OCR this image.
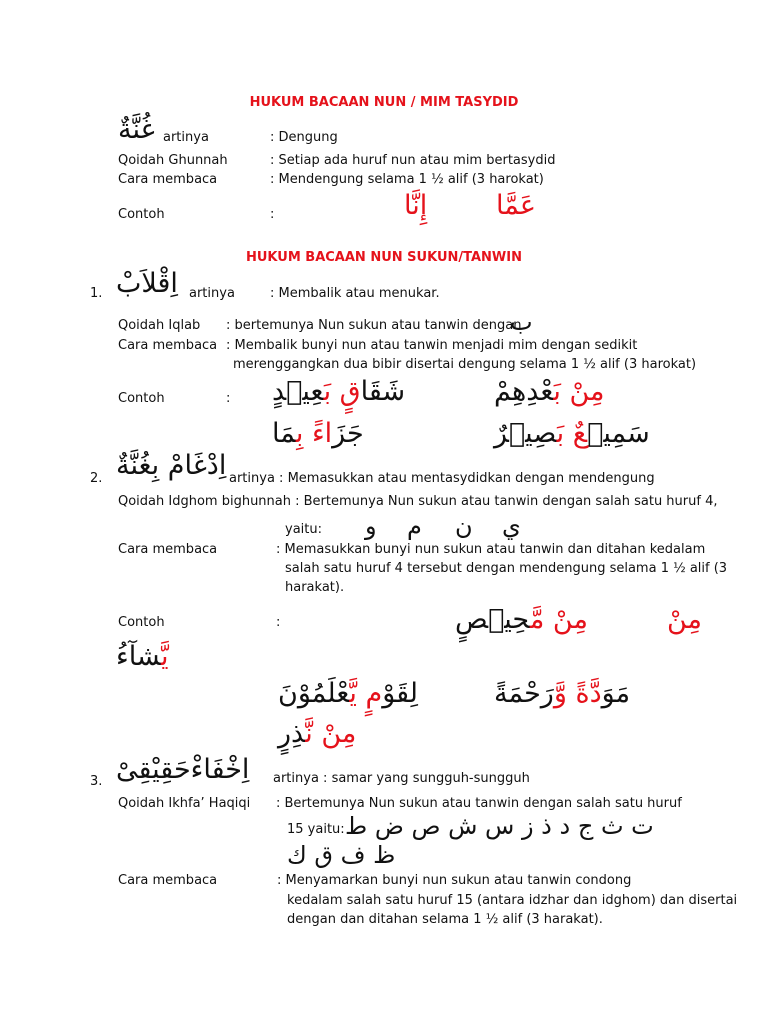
HUKUM BACAAN NUN / MIM TASYDID
غُنَّةٌ artinya	: Dengung
Qoidah Ghunnah	: Setiap ada huruf nun atau mim bertasydid
Cara membaca	: Mendengung selama 1 ½ alif (3 harokat)
Contoh	:	إِنَّا	عَمَّا
HUKUM BACAAN NUN SUKUN/TANWIN
1. اِقْلاَبْ artinya	: Membalik atau menukar.
Qoidah Iqlab : bertemunya Nun sukun atau tanwin dengan
ب
Cara membaca : Membalik bunyi nun atau tanwin menjadi mim dengan sedikit
merenggangkan dua bibir disertai dengung selama 1 ½ alif (3 harokat)
Contoh	:	شَقَاقٍ بَعِيۡدٍ	مِنْ بَعْدِهِمْ
جَزَاءً بِمَا	سَمِيۡعٌ بَصِيۡرٌ
2. اِدْغَامْ بِغُنَّةٌ artinya : Memasukkan atau mentasydidkan dengan mendengung
Qoidah Idghom bighunnah : Bertemunya Nun sukun atau tanwin dengan salah satu huruf 4,
yaitu: و م ن ي
Cara membaca	: Memasukkan bunyi nun sukun atau tanwin dan ditahan kedalam
salah satu huruf 4 tersebut dengan mendengung selama 1 ½ alif (3
harakat).
Contoh	:	مِنْ مَّحِيۡصٍ	مِنْ
يَّشآءُ
لِقَوْمٍ يَّعْلَمُوْنَ	مَوَدَّةً وَّرَحْمَةً
مِنْ نَّذِرٍ
3. اِخْفَاءْحَقِيْقِىْ artinya : samar yang sungguh-sungguh
Qoidah Ikhfa’ Haqiqi : Bertemunya Nun sukun atau tanwin dengan salah satu huruf
15 yaitu: ت ث ج د ذ ز س ش ص ض ط
ظ ف ق ك
Cara membaca	: Menyamarkan bunyi nun sukun atau tanwin condong
kedalam salah satu huruf 15 (antara idzhar dan idghom) dan disertai
dengan dan ditahan selama 1 ½ alif (3 harakat).
